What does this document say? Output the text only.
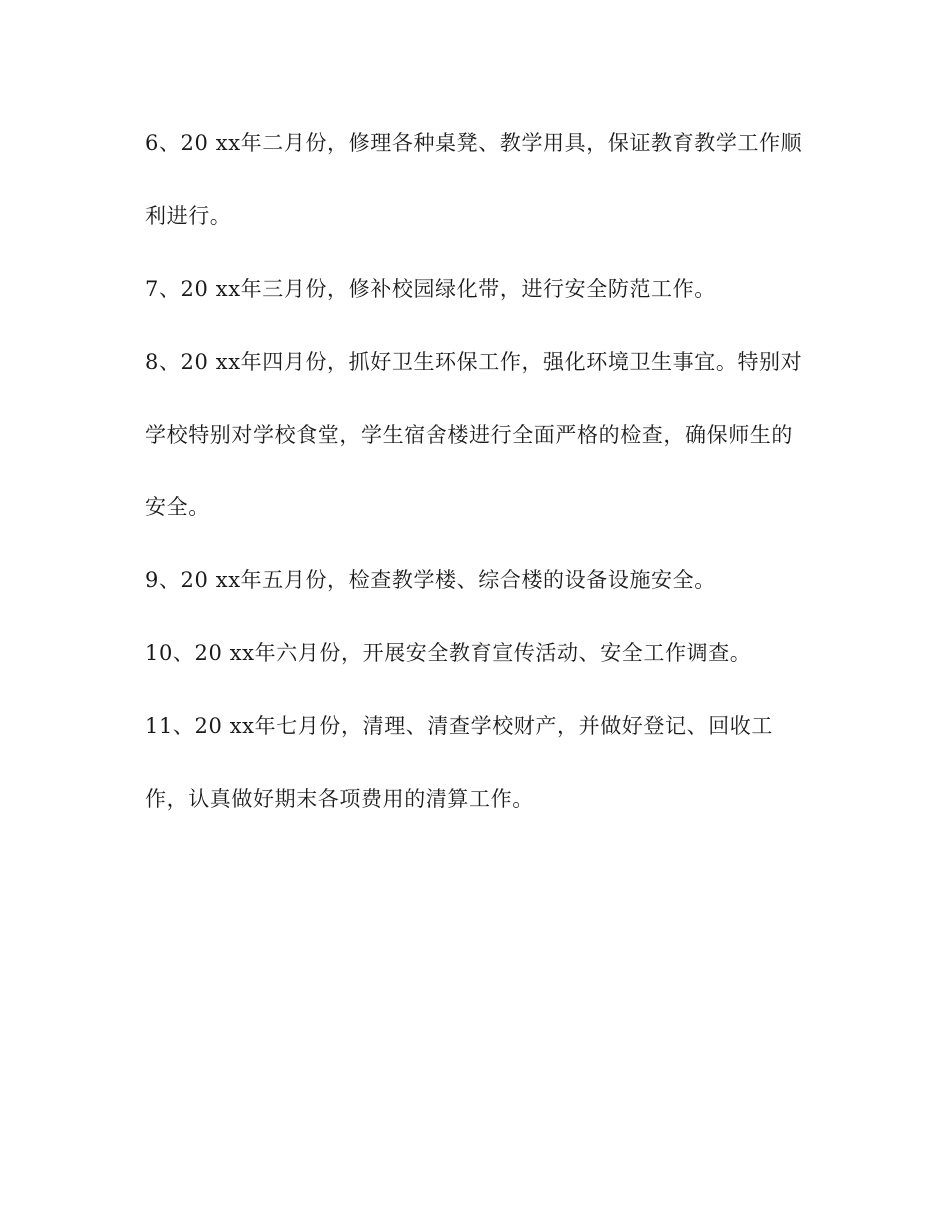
6、20 xx年二月份，修理各种桌凳、教学用具，保证教育教学工作顺
利进行。
7、20 xx年三月份，修补校园绿化带，进行安全防范工作。
8、20 xx年四月份，抓好卫生环保工作，强化环境卫生事宜。特别对
学校特别对学校食堂，学生宿舍楼进行全面严格的检查，确保师生的
安全。
9、20 xx年五月份，检查教学楼、综合楼的设备设施安全。
10、20 xx年六月份，开展安全教育宣传活动、安全工作调查。
11、20 xx年七月份，清理、清查学校财产，并做好登记、回收工
作，认真做好期末各项费用的清算工作。
